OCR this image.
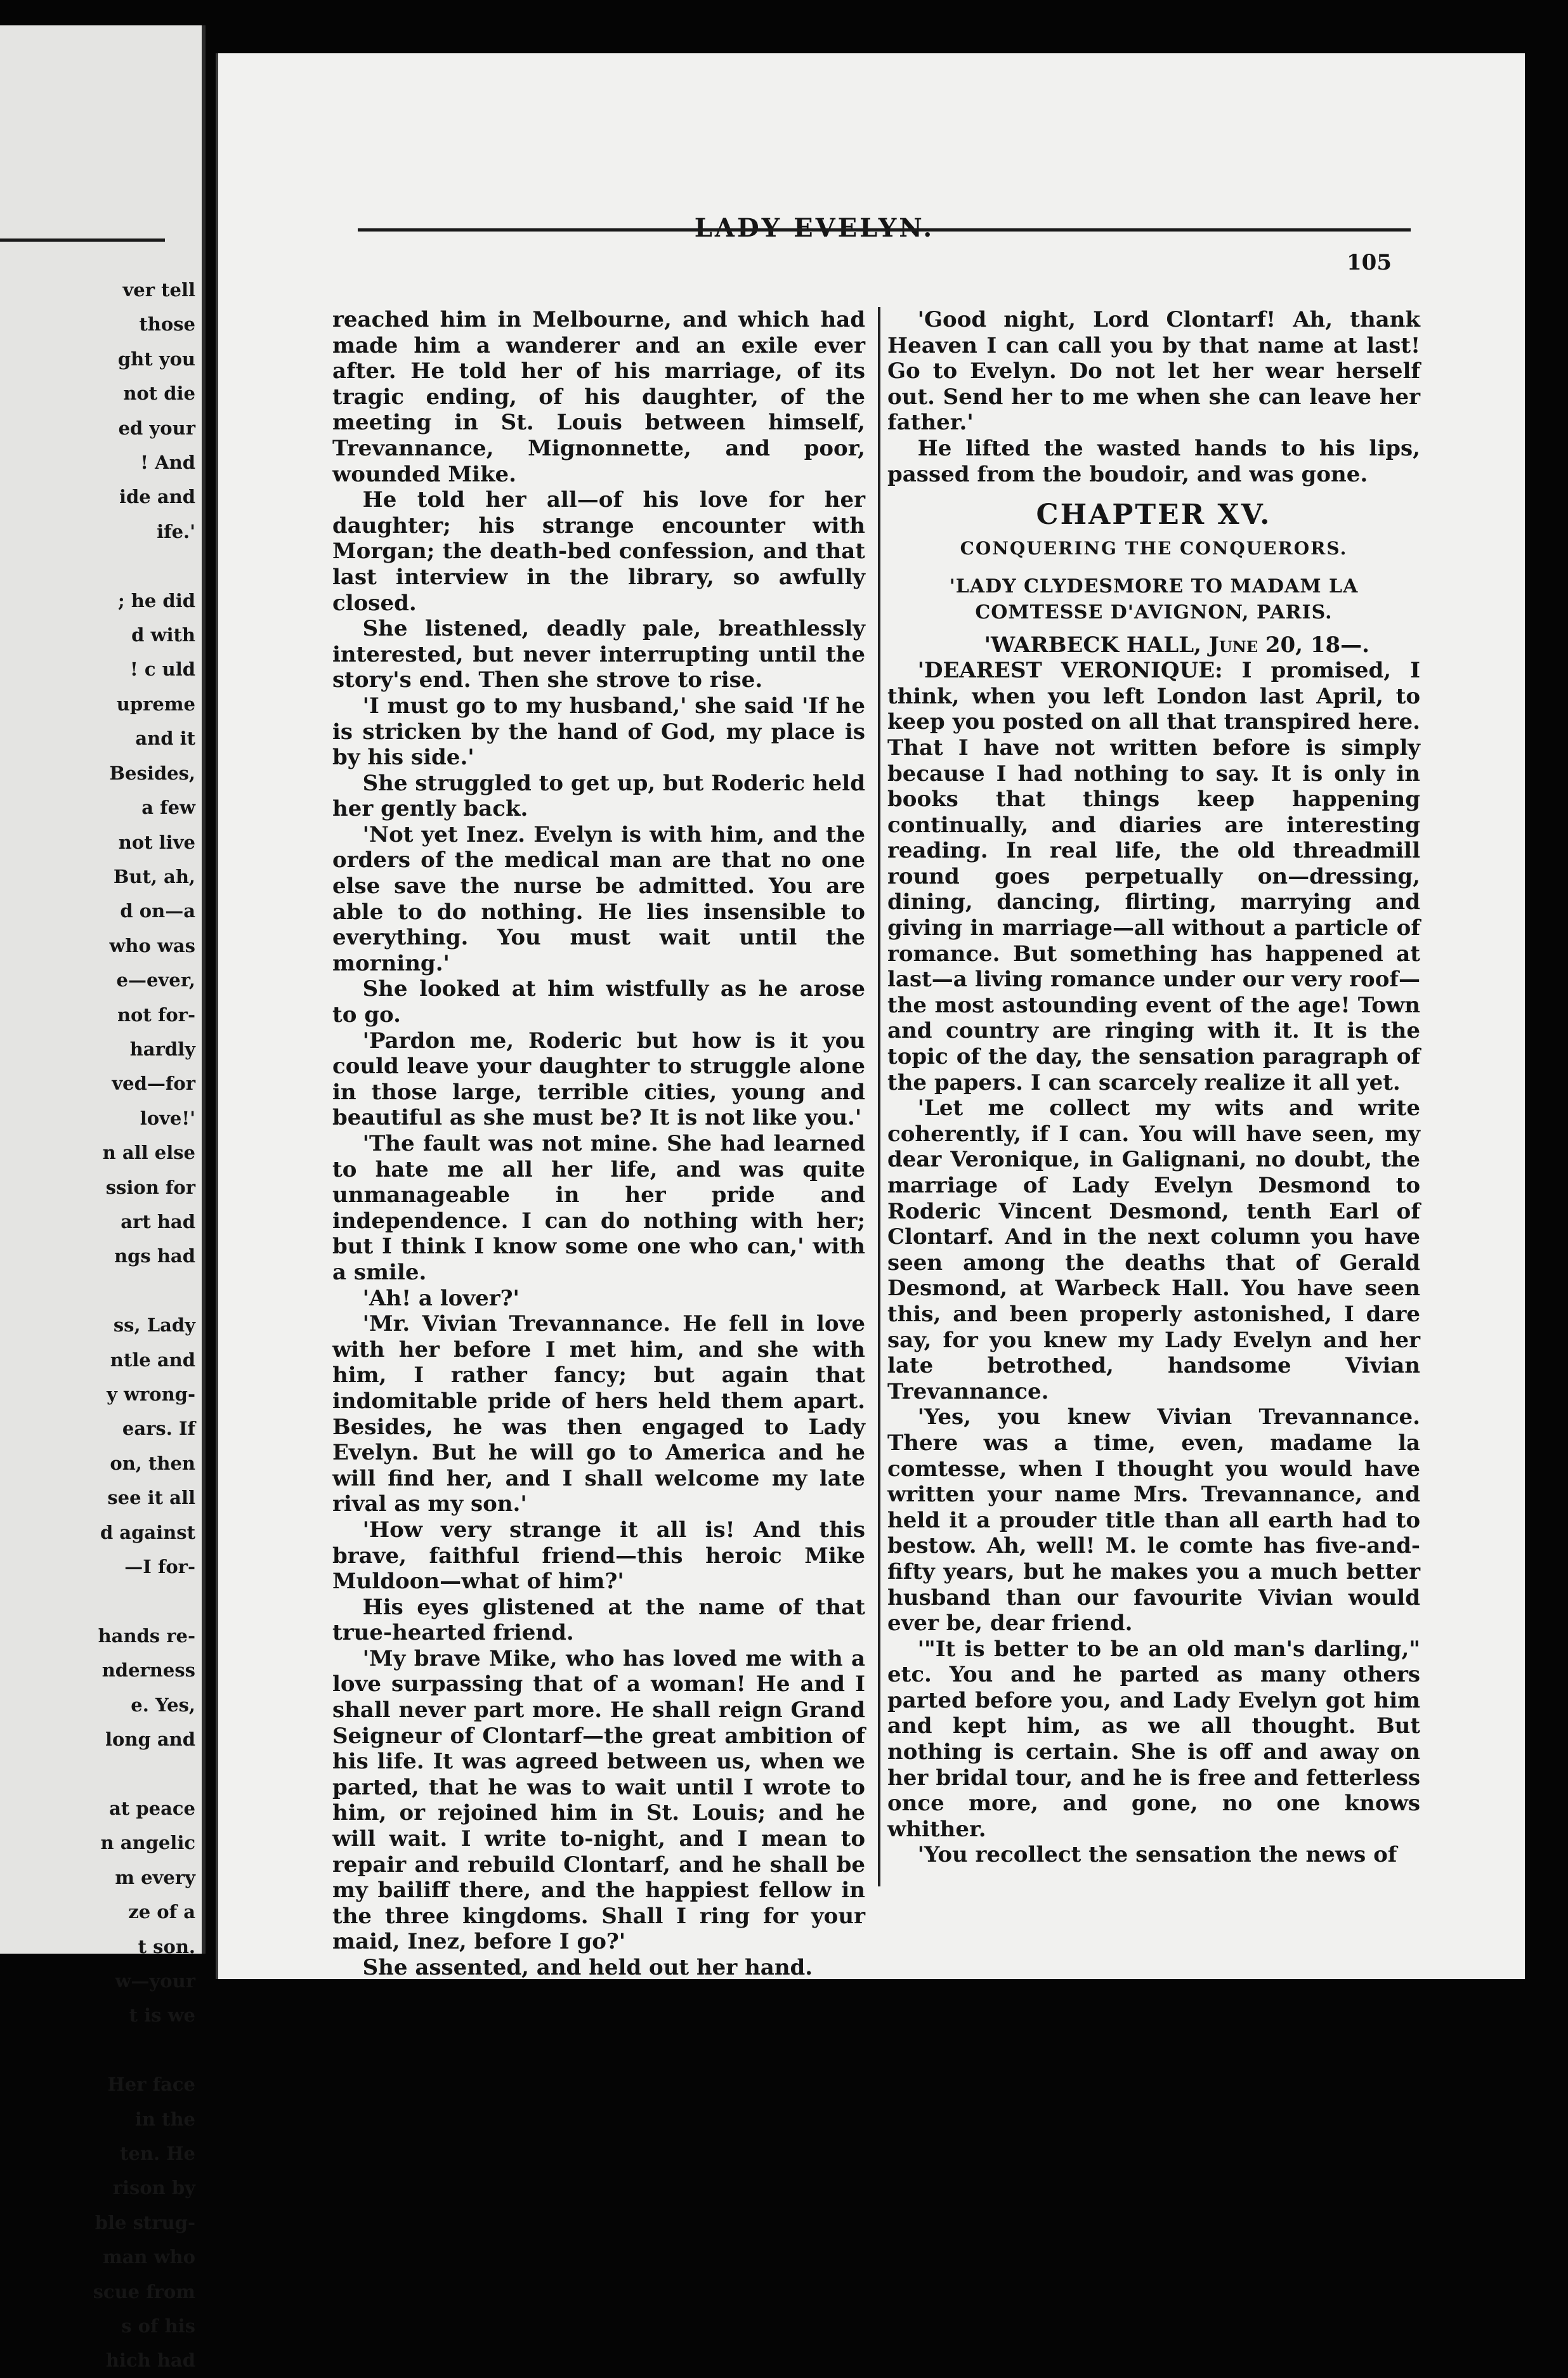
ver tell
those
ght you
not die
ed your
! And
ide and
ife.'

; he did
d with
! c uld
upreme
and it
Besides,
a few
not live
But, ah,
d on—a
who was
e—ever,
not for-
hardly
ved—for
love!'
n all else
ssion for
art had
ngs had

ss, Lady
ntle and
y wrong-
ears. If
on, then
see it all
d against
—I for-

hands re-
nderness
e. Yes,
long and

at peace
n angelic
m every
ze of a
t son.
w—your
t is we

Her face
in the
ten. He
rison by
ble strug-
man who
scue from
s of his
hich had
LADY EVELYN.
105

reached him in Melbourne, and which had made him a wanderer and an exile ever after. He told her of his marriage, of its tragic ending, of his daughter, of the meeting in St. Louis between himself, Trevannance, Mignonnette, and poor, wounded Mike.

He told her all—of his love for her daughter; his strange encounter with Morgan; the death-bed confession, and that last interview in the library, so awfully closed.

She listened, deadly pale, breathlessly interested, but never interrupting until the story's end. Then she strove to rise.

'I must go to my husband,' she said 'If he is stricken by the hand of God, my place is by his side.'

She struggled to get up, but Roderic held her gently back.

'Not yet Inez. Evelyn is with him, and the orders of the medical man are that no one else save the nurse be admitted. You are able to do nothing. He lies insensible to everything. You must wait until the morning.'

She looked at him wistfully as he arose to go.

'Pardon me, Roderic but how is it you could leave your daughter to struggle alone in those large, terrible cities, young and beautiful as she must be? It is not like you.'

'The fault was not mine. She had learned to hate me all her life, and was quite unmanageable in her pride and independence. I can do nothing with her; but I think I know some one who can,' with a smile.

'Ah! a lover?'

'Mr. Vivian Trevannance. He fell in love with her before I met him, and she with him, I rather fancy; but again that indomitable pride of hers held them apart. Besides, he was then engaged to Lady Evelyn. But he will go to America and he will find her, and I shall welcome my late rival as my son.'

'How very strange it all is! And this brave, faithful friend—this heroic Mike Muldoon—what of him?'

His eyes glistened at the name of that true-hearted friend.

'My brave Mike, who has loved me with a love surpassing that of a woman! He and I shall never part more. He shall reign Grand Seigneur of Clontarf—the great ambition of his life. It was agreed between us, when we parted, that he was to wait until I wrote to him, or rejoined him in St. Louis; and he will wait. I write to-night, and I mean to repair and rebuild Clontarf, and he shall be my bailiff there, and the happiest fellow in the three kingdoms. Shall I ring for your maid, Inez, before I go?'

She assented, and held out her hand.

'Good night, Lord Clontarf! Ah, thank Heaven I can call you by that name at last! Go to Evelyn. Do not let her wear herself out. Send her to me when she can leave her father.'

He lifted the wasted hands to his lips, passed from the boudoir, and was gone.

CHAPTER XV.
CONQUERING THE CONQUERORS.
'LADY CLYDESMORE TO MADAM LA COMTESSE D'AVIGNON, PARIS.

'WARBECK HALL, June 20, 18—.

'DEAREST VERONIQUE: I promised, I think, when you left London last April, to keep you posted on all that transpired here. That I have not written before is simply because I had nothing to say. It is only in books that things keep happening continually, and diaries are interesting reading. In real life, the old threadmill round goes perpetually on—dressing, dining, dancing, flirting, marrying and giving in marriage—all without a particle of romance. But something has happened at last—a living romance under our very roof—the most astounding event of the age! Town and country are ringing with it. It is the topic of the day, the sensation paragraph of the papers. I can scarcely realize it all yet.

'Let me collect my wits and write coherently, if I can. You will have seen, my dear Veronique, in Galignani, no doubt, the marriage of Lady Evelyn Desmond to Roderic Vincent Desmond, tenth Earl of Clontarf. And in the next column you have seen among the deaths that of Gerald Desmond, at Warbeck Hall. You have seen this, and been properly astonished, I dare say, for you knew my Lady Evelyn and her late betrothed, handsome Vivian Trevannance.

'Yes, you knew Vivian Trevannance. There was a time, even, madame la comtesse, when I thought you would have written your name Mrs. Trevannance, and held it a prouder title than all earth had to bestow. Ah, well! M. le comte has five-and-fifty years, but he makes you a much better husband than our favourite Vivian would ever be, dear friend.

'"It is better to be an old man's darling," etc. You and he parted as many others parted before you, and Lady Evelyn got him and kept him, as we all thought. But nothing is certain. She is off and away on her bridal tour, and he is free and fetterless once more, and gone, no one knows whither.

'You recollect the sensation the news of
